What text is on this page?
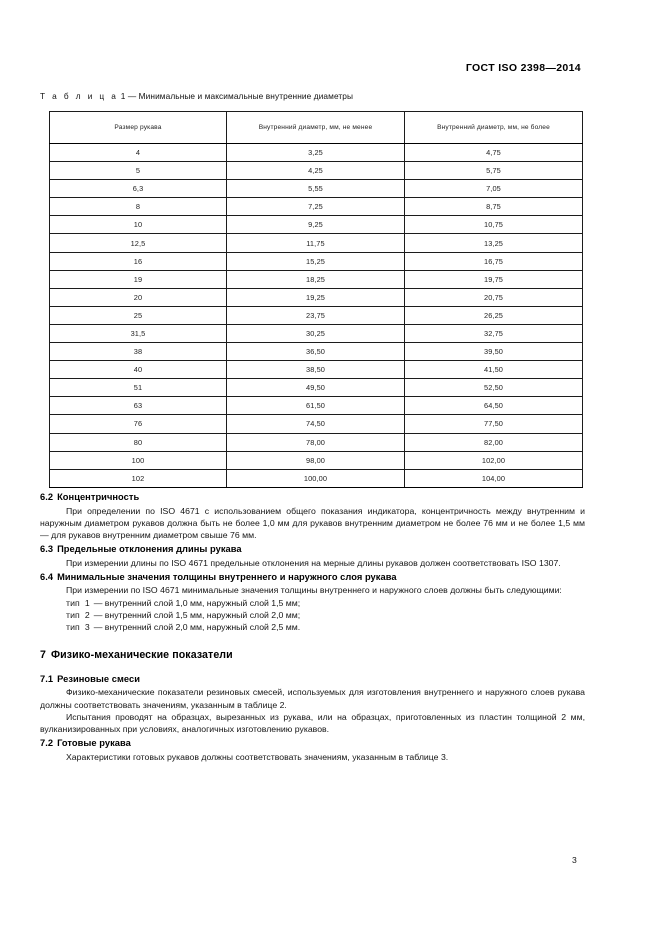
ГОСТ ISO 2398—2014
Т а б л и ц а 1 — Минимальные и максимальные внутренние диаметры
Размер рукава	Внутренний диаметр, мм, не менее	Внутренний диаметр, мм, не более
4	3,25	4,75
5	4,25	5,75
6,3	5,55	7,05
8	7,25	8,75
10	9,25	10,75
12,5	11,75	13,25
16	15,25	16,75
19	18,25	19,75
20	19,25	20,75
25	23,75	26,25
31,5	30,25	32,75
38	36,50	39,50
40	38,50	41,50
51	49,50	52,50
63	61,50	64,50
76	74,50	77,50
80	78,00	82,00
100	98,00	102,00
102	100,00	104,00
6.2 Концентричность

При определении по ISO 4671 с использованием общего показания индикатора, концентричность между внутренним и наружным диаметром рукавов должна быть не более 1,0 мм для рукавов внутренним диаметром не более 76 мм и не более 1,5 мм — для рукавов внутренним диаметром свыше 76 мм.

6.3 Предельные отклонения длины рукава

При измерении длины по ISO 4671 предельные отклонения на мерные длины рукавов должен соответствовать ISO 1307.

6.4 Минимальные значения толщины внутреннего и наружного слоя рукава

При измерении по ISO 4671 минимальные значения толщины внутреннего и наружного слоев должны быть следующими:

тип 1 — внутренний слой 1,0 мм, наружный слой 1,5 мм;
тип 2 — внутренний слой 1,5 мм, наружный слой 2,0 мм;
тип 3 — внутренний слой 2,0 мм, наружный слой 2,5 мм.
7 Физико-механические показатели
7.1 Резиновые смеси

Физико-механические показатели резиновых смесей, используемых для изготовления внутреннего и наружного слоев рукава должны соответствовать значениям, указанным в таблице 2.

Испытания проводят на образцах, вырезанных из рукава, или на образцах, приготовленных из пластин толщиной 2 мм, вулканизированных при условиях, аналогичных изготовлению рукавов.

7.2 Готовые рукава

Характеристики готовых рукавов должны соответствовать значениям, указанным в таблице 3.

3
